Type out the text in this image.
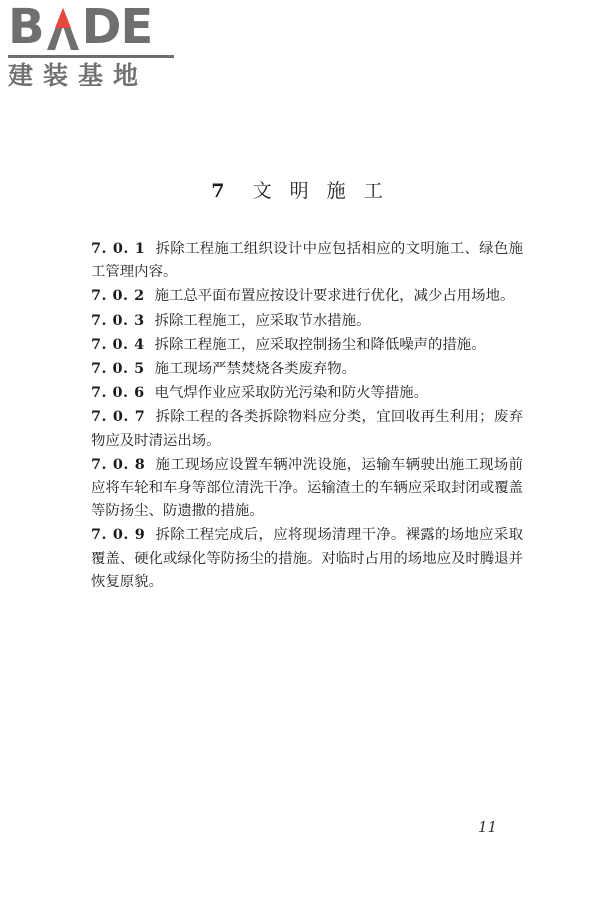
B DE
建装基地
7 文 明 施 工

7. 0. 1 拆除工程施工组织设计中应包括相应的文明施工、绿色施工管理内容。

7. 0. 2 施工总平面布置应按设计要求进行优化，减少占用场地。

7. 0. 3 拆除工程施工，应采取节水措施。

7. 0. 4 拆除工程施工，应采取控制扬尘和降低噪声的措施。

7. 0. 5 施工现场严禁焚烧各类废弃物。

7. 0. 6 电气焊作业应采取防光污染和防火等措施。

7. 0. 7 拆除工程的各类拆除物料应分类，宜回收再生利用；废弃物应及时清运出场。

7. 0. 8 施工现场应设置车辆冲洗设施，运输车辆驶出施工现场前应将车轮和车身等部位清洗干净。运输渣土的车辆应采取封闭或覆盖等防扬尘、防遗撒的措施。

7. 0. 9 拆除工程完成后，应将现场清理干净。裸露的场地应采取覆盖、硬化或绿化等防扬尘的措施。对临时占用的场地应及时腾退并恢复原貌。

11
